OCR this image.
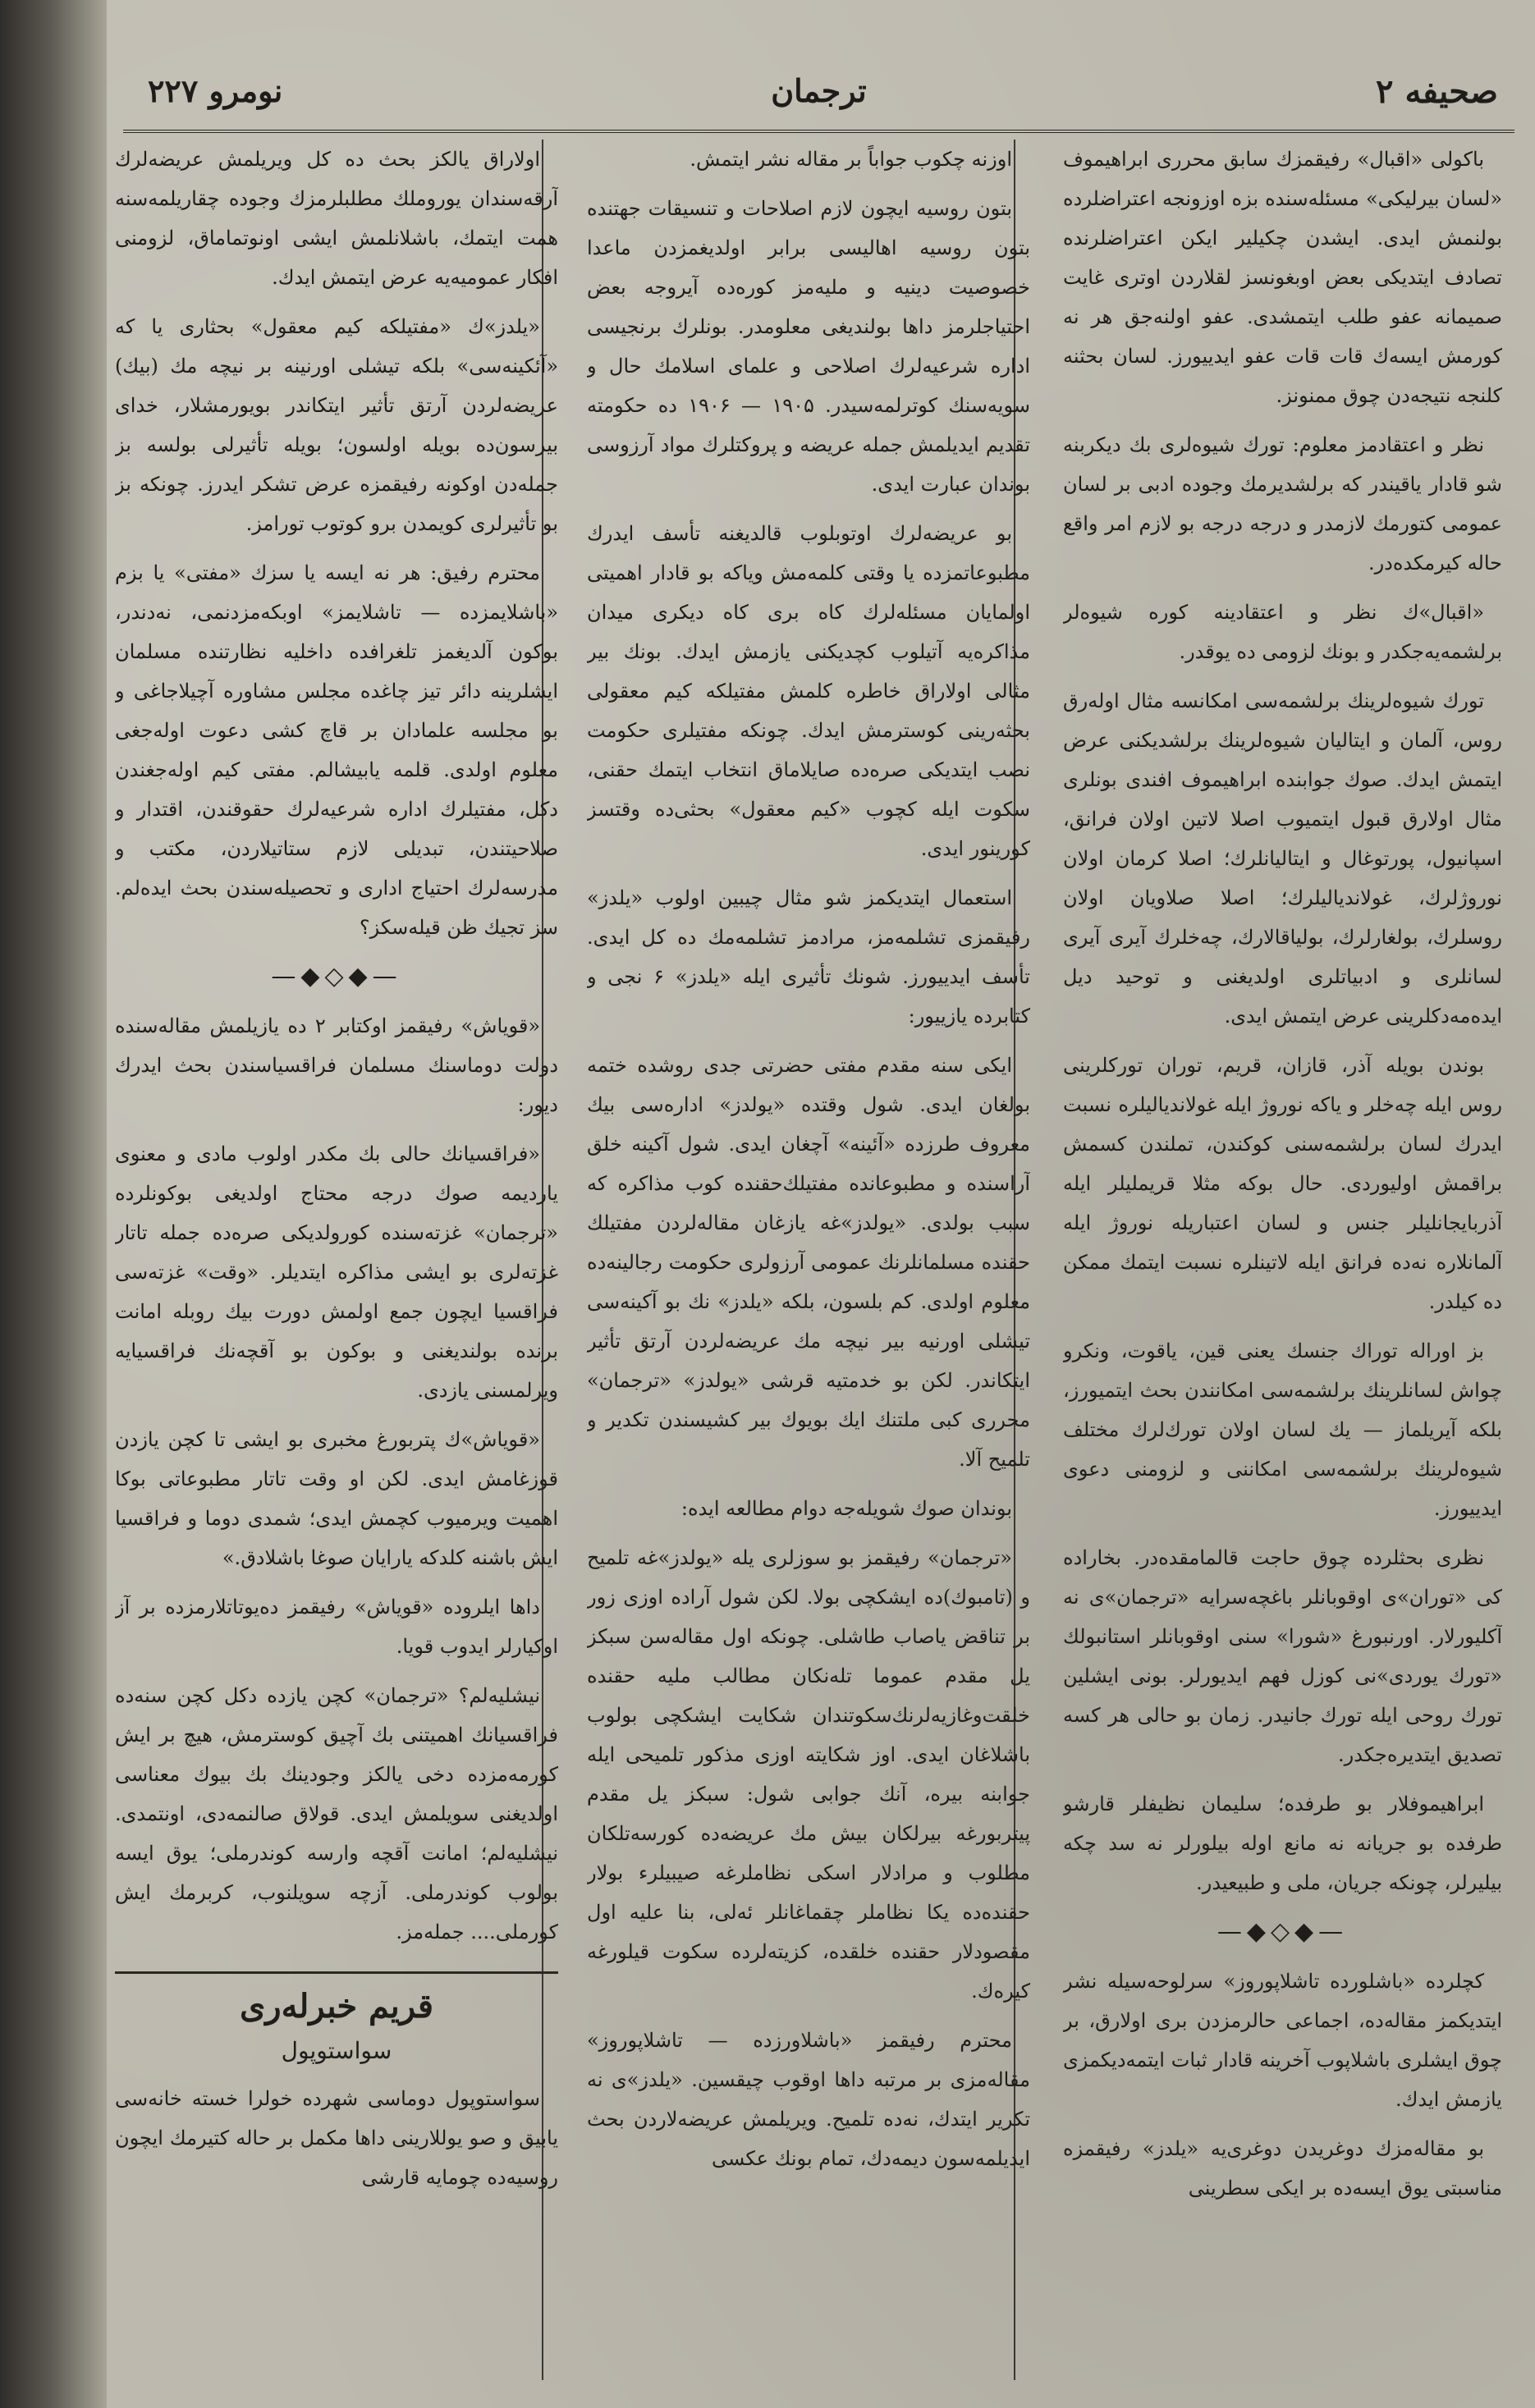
صحیفه ۲
ترجمان
نومرو ۲۲۷

باكولی «اقبال» رفیقمزك سابق محرری ابراهیموف «لسان بیرلیكی» مسئله‌سنده بزه اوزونجه اعتراضلرده بولنمش ایدی. ایشدن چكیلیر ایكن اعتراضلرنده تصادف ایتدیكی بعض اوبغونسز لقلاردن اوتری غایت صمیمانه عفو طلب ایتمشدی. عفو اولنه‌جق هر نه كورمش ایسه‌ك قات قات عفو ایدییورز. لسان بحثنه كلنجه نتیجه‌دن چوق ممنونز.

نظر و اعتقادمز معلوم: تورك شیوه‌لری بك دیكربنه شو قادار یاقیندر كه برلشدیرمك وجوده ادبی بر لسان عمومی كتورمك لازمدر و درجه درجه بو لازم امر واقع حاله كیرمكده‌در.

«اقبال»ك نظر و اعتقادینه كوره شیوه‌لر برلشمه‌یه‌جكدر و بونك لزومی ده یوقدر.

تورك شیوه‌لرینك برلشمه‌سی امكانسه مثال اوله‌رق روس، آلمان و ایتالیان شیوه‌لرینك برلشدیكنی عرض ایتمش ایدك. صوك جوابنده ابراهیموف افندی بونلری مثال اولارق قبول ایتمیوب اصلا لاتین اولان فرانق، اسپانیول، پورتوغال و ایتالیانلرك؛ اصلا كرمان اولان نوروژلرك، غولاندیالیلرك؛ اصلا صلاویان اولان روسلرك، بولغارلرك، بولیاقالارك، چه‌خلرك آیری آیری لسانلری و ادبیاتلری اولدیغنی و توحید دیل ایده‌مه‌دكلرینی عرض ایتمش ایدی.

بوندن بویله آذر، قازان، قریم، توران توركلرینی روس ایله چه‌خلر و یاكه نوروژ ایله غولاندیالیلره نسبت ایدرك لسان برلشمه‌سنی كوكندن، تملندن كسمش براقمش اولیوردی. حال بوكه مثلا قریملیلر ایله آذربایجانلیلر جنس و لسان اعتباریله نوروژ ایله آلمانلاره نه‌ده فرانق ایله لاتینلره نسبت ایتمك ممكن ده كیلدر.

بز اوراله توراك جنسك یعنی قین، یاقوت، ونكرو چواش لسانلرینك برلشمه‌سی امكانندن بحث ایتمیورز، بلكه آیریلماز — یك لسان اولان تورك‌لرك مختلف شیوه‌لرینك برلشمه‌سی امكاننی و لزومنی دعوی ایدییورز.

نظری بحثلرده چوق حاجت قالمامقده‌در. بخاراده كی «توران»ی اوقوبانلر باغچه‌سرایه «ترجمان»ی نه آكلیورلار. اورنبورغ «شورا» سنی اوقوبانلر استانبولك «تورك یوردی»نی كوزل فهم ایدیورلر. بونی ایشلین تورك روحی ایله تورك جانیدر. زمان بو حالی هر كسه تصدیق ایتدیره‌جكدر.

ابراهیموفلار بو طرفده؛ سلیمان نظیفلر قارشو طرفده بو جریانه نه مانع اوله بیلورلر نه سد چكه بیلیرلر، چونكه جریان، ملی و طبیعیدر.

—◆◇◆—

كچلرده «باشلورده تاشلاپوروز» سرلوحه‌سیله نشر ایتدیكمز مقاله‌ده، اجماعی حالرمزدن بری اولارق، بر چوق ایشلری باشلاپوب آخرینه قادار ثبات ایتمه‌دیكمزی یازمش ایدك.

بو مقاله‌مزك دوغریدن دوغری‌یه «یلدز» رفیقمزه مناسبتی یوق ایسه‌ده بر ایكی سطرینی

اوزنه چكوب جواباً بر مقاله نشر ایتمش.

بتون روسیه ایچون لازم اصلاحات و تنسیقات جهتنده بتون روسیه اهالیسی برابر اولدیغمزدن ماعدا خصوصیت دینیه و ملیه‌مز كوره‌ده آیروجه بعض احتیاجلرمز داها بولندیغی معلومدر. بونلرك برنجیسی اداره شرعیه‌لرك اصلاحی و علمای اسلامك حال و سویه‌سنك كوترلمه‌سیدر. ۱۹۰۵ — ۱۹۰۶ ده حكومته تقدیم ایدیلمش جمله عریضه و پروكتلرك مواد آرزوسی بوندان عبارت ایدی.

بو عریضه‌لرك اوتوبلوب قالدیغنه تأسف ایدرك مطبوعاتمزده یا وقتی كلمه‌مش ویاكه بو قادار اهمیتی اولمایان مسئله‌لرك كاه بری كاه دیكری میدان مذاكره‌یه آتیلوب كچدیكنی یازمش ایدك. بونك بیر مثالی اولاراق خاطره كلمش مفتیلكه كیم معقولی بحثه‌رینی كوسترمش ایدك. چونكه مفتیلری حكومت نصب ایتدیكی صره‌ده صایلاماق انتخاب ایتمك حقنی، سكوت ایله كچوب «كیم معقول» بحثی‌ده وقتسز كورینور ایدی.

استعمال ایتدیكمز شو مثال چیبین اولوب «یلدز» رفیقمزی تشلمه‌مز، مرادمز تشلمه‌مك ده كل ایدی. تأسف ایدییورز. شونك تأثیری ایله «یلدز» ۶ نجی و كتابرده یازییور:

ایكی سنه مقدم مفتی حضرتی جدی روشده ختمه بولغان ایدی. شول وقتده «یولدز» اداره‌سی بیك معروف طرزده «آئینه» آچغان ایدی. شول آكینه خلق آراسنده و مطبوعانده مفتیلك‌حقنده كوب مذاكره كه سبب بولدی. «یولدز»غه یازغان مقاله‌لردن مفتیلك حقنده مسلمانلرنك عمومی آرزولری حكومت رجالینه‌ده معلوم اولدی. كم بلسون، بلكه «یلدز» نك بو آكینه‌سی تیشلی اورنیه بیر نیچه مك عریضه‌لردن آرتق تأثیر ایتكاندر. لكن بو خدمتیه قرشی «یولدز» «ترجمان» محرری كبی ملتنك ایك بویوك بیر كشیسندن تكدیر و تلمیح آلا.

بوندان صوك شویله‌جه دوام مطالعه ایده:

«ترجمان» رفیقمز بو سوزلری یله «یولدز»غه تلمیح و (تامبوك)ده ایشكچی بولا. لكن شول آراده اوزی زور بر تناقض یاصاب طاشلی. چونكه اول مقاله‌سن سبكز یل مقدم عموما تله‌نكان مطالب ملیه حقنده خلقت‌وغازیه‌لرنك‌سكوتندان شكایت ایشكچی بولوب باشلاغان ایدی. اوز شكایته اوزی مذكور تلمیحی ایله جوابنه بیره، آنك جوابی شول: سبكز یل مقدم پیتربورغه بیرلكان بیش مك عریضه‌ده كورسه‌تلكان مطلوب و مرادلار اسكی نظاملرغه صیبیلرء بولار حقنده‌ده یكا نظاملر چقماغانلر ئه‌لی، بنا علیه اول مقصودلار حقنده خلقده، كزیته‌لرده سكوت قیلورغه كیره‌ك.

محترم رفیقمز «باشلاورزده — تاشلاپوروز» مقاله‌مزی بر مرتبه داها اوقوب چیقسین. «یلدز»ی نه تكریر ایتدك، نه‌ده تلمیح. ویریلمش عریضه‌لاردن بحث ایدیلمه‌سون دیمه‌دك، تمام بونك عكسی

اولاراق یالكز بحث ده كل ویریلمش عریضه‌لرك آرقه‌سندان یوروملك مطلبلرمزك وجوده چقاریلمه‌سنه همت ایتمك، باشلانلمش ایشی اونوتماماق، لزومنی افكار عمومیه‌یه عرض ایتمش ایدك.

«یلدز»ك «مفتیلكه كیم معقول» بحثاری یا كه «آئكینه‌سی» بلكه تیشلی اورنینه بر نیچه مك (بیك) عریضه‌لردن آرتق تأثیر ایتكاندر بویورمشلار، خدای بیرسون‌ده بویله اولسون؛ بویله تأثیرلی بولسه بز جمله‌دن اوكونه رفیقمزه عرض تشكر ایدرز. چونكه بز بو تأثیرلری كویمدن برو كوتوب تورامز.

محترم رفیق: هر نه ایسه یا سزك «مفتی» یا بزم «باشلایمزده — تاشلایمز» اوبكه‌مزدنمی، نه‌دندر، بوكون آلدیغمز تلغرافده داخلیه نظارتنده مسلمان ایشلرینه دائر تیز چاغده مجلس مشاوره آچیلاجاغی و بو مجلسه علمادان بر قاچ كشی دعوت اوله‌جغی معلوم اولدی. قلمه یابیشالم. مفتی كیم اوله‌جغندن دكل، مفتیلرك اداره شرعیه‌لرك حقوقندن، اقتدار و صلاحیتندن، تبدیلی لازم ستاتیلاردن، مكتب و مدرسه‌لرك احتیاج اداری و تحصیله‌سندن بحث ایده‌لم. سز تجیك ظن قیله‌سكز؟

—◆◇◆—

«قویاش» رفیقمز اوكتابر ۲ ده یازیلمش مقاله‌سنده دولت دوماسنك مسلمان فراقسیاسندن بحث ایدرك دیور:

«فراقسیانك حالی بك مكدر اولوب مادی و معنوی یاردیمه صوك درجه محتاج اولدیغی بوكونلرده «ترجمان» غزته‌سنده كورولدیكی صره‌ده جمله تاتار غزته‌لری بو ایشی مذاكره ایتدیلر. «وقت» غزته‌سی فراقسیا ایچون جمع اولمش دورت بیك روبله امانت برنده بولندیغنی و بوكون بو آقچه‌نك فراقسیایه ویرلمسنی یازدی.

«قویاش»ك پتربورغ مخبری بو ایشی تا كچن یازدن قوزغامش ایدی. لكن او وقت تاتار مطبوعاتی بوكا اهمیت ویرمیوب كچمش ایدی؛ شمدی دوما و فراقسیا ایش باشنه كلدكه یارایان صوغا باشلادق.»

داها ایلروده «قویاش» رفیقمز ده‌یوتاتلارمزده بر آز اوكیارلر ایدوب قویا.

نیشلیه‌لم؟ «ترجمان» كچن یازده دكل كچن سنه‌ده فراقسیانك اهمیتنی بك آچیق كوسترمش، هیچ بر ایش كورمه‌مزده دخی یالكز وجودینك بك بیوك معناسی اولدیغنی سویلمش ایدی. قولاق صالنمه‌دی، اونتمدی. نیشلیه‌لم؛ امانت آقچه وارسه كوندرملی؛ یوق ایسه بولوب كوندرملی. آزچه سویلنوب، كربرمك ایش كورملی.... جمله‌مز.

قریم خبرله‌ری
سواستوپول

سواستوپول دوماسی شهرده خولرا خسته خانه‌سی یابیق و صو یوللارینی داها مكمل بر حاله كتیرمك ایچون روسیه‌ده چومایه قارشی
